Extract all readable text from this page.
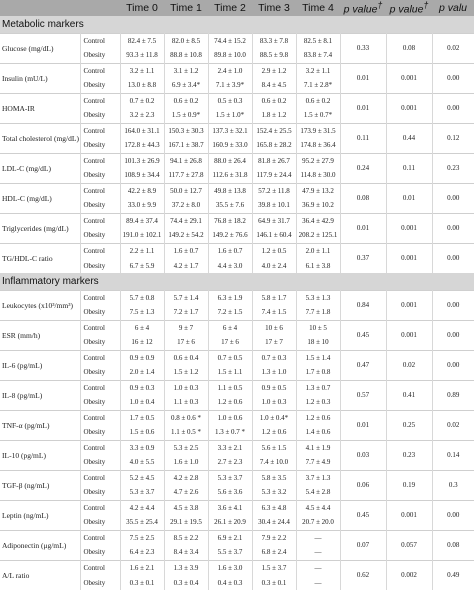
		Time 0	Time 1	Time 2	Time 3	Time 4	p value†	p value†	p valu
Metabolic markers									
Glucose (mg/dL)	Control	82.4 ± 7.5	82.0 ± 8.5	74.4 ± 15.2	83.3 ± 7.8	82.5 ± 8.1	0.33	0.08	0.02
	Obesity	93.3 ± 11.8	88.8 ± 10.8	89.8 ± 10.0	88.5 ± 9.8	83.8 ± 7.4			
Insulin (mU/L)	Control	3.2 ± 1.1	3.1 ± 1.2	2.4 ± 1.0	2.9 ± 1.2	3.2 ± 1.1	0.01	0.001	0.00
	Obesity	13.0 ± 8.8	6.9 ± 3.4*	7.1 ± 3.9*	8.4 ± 4.5	7.1 ± 2.8*			
HOMA-IR	Control	0.7 ± 0.2	0.6 ± 0.2	0.5 ± 0.3	0.6 ± 0.2	0.6 ± 0.2	0.01	0.001	0.00
	Obesity	3.2 ± 2.3	1.5 ± 0.9*	1.5 ± 1.0*	1.8 ± 1.2	1.5 ± 0.7*			
Total cholesterol (mg/dL)	Control	164.0 ± 31.1	150.3 ± 30.3	137.3 ± 32.1	152.4 ± 25.5	173.9 ± 31.5	0.11	0.44	0.12
	Obesity	172.8 ± 44.3	167.1 ± 38.7	160.9 ± 33.0	165.8 ± 28.2	174.8 ± 36.4			
LDL-C (mg/dL)	Control	101.3 ± 26.9	94.1 ± 26.8	88.0 ± 26.4	81.8 ± 26.7	95.2 ± 27.9	0.24	0.11	0.23
	Obesity	108.9 ± 34.4	117.7 ± 27.8	112.6 ± 31.8	117.9 ± 24.4	114.8 ± 30.0			
HDL-C (mg/dL)	Control	42.2 ± 8.9	50.0 ± 12.7	49.8 ± 13.8	57.2 ± 11.8	47.9 ± 13.2	0.08	0.01	0.00
	Obesity	33.0 ± 9.9	37.2 ± 8.0	35.5 ± 7.6	39.8 ± 10.1	36.9 ± 10.2			
Triglycerides (mg/dL)	Control	89.4 ± 37.4	74.4 ± 29.1	76.8 ± 18.2	64.9 ± 31.7	36.4 ± 42.9	0.01	0.001	0.00
	Obesity	191.0 ± 102.1	149.2 ± 54.2	149.2 ± 76.6	146.1 ± 60.4	208.2 ± 125.1			
TG/HDL-C ratio	Control	2.2 ± 1.1	1.6 ± 0.7	1.6 ± 0.7	1.2 ± 0.5	2.0 ± 1.1	0.37	0.001	0.00
	Obesity	6.7 ± 5.9	4.2 ± 1.7	4.4 ± 3.0	4.0 ± 2.4	6.1 ± 3.8			
Inflammatory markers									
Leukocytes (x10³/mm³)	Control	5.7 ± 0.8	5.7 ± 1.4	6.3 ± 1.9	5.8 ± 1.7	5.3 ± 1.3	0.84	0.001	0.00
	Obesity	7.5 ± 1.3	7.2 ± 1.7	7.2 ± 1.5	7.4 ± 1.5	7.7 ± 1.8			
ESR (mm/h)	Control	6 ± 4	9 ± 7	6 ± 4	10 ± 6	10 ± 5	0.45	0.001	0.00
	Obesity	16 ± 12	17 ± 6	17 ± 6	17 ± 7	18 ± 10			
IL-6 (pg/mL)	Control	0.9 ± 0.9	0.6 ± 0.4	0.7 ± 0.5	0.7 ± 0.3	1.5 ± 1.4	0.47	0.02	0.00
	Obesity	2.0 ± 1.4	1.5 ± 1.2	1.5 ± 1.1	1.3 ± 1.0	1.7 ± 0.8			
IL-8 (pg/mL)	Control	0.9 ± 0.3	1.0 ± 0.3	1.1 ± 0.5	0.9 ± 0.5	1.3 ± 0.7	0.57	0.41	0.89
	Obesity	1.0 ± 0.4	1.1 ± 0.3	1.2 ± 0.6	1.0 ± 0.3	1.2 ± 0.3			
TNF-α (pg/mL)	Control	1.7 ± 0.5	0.8 ± 0.6 *	1.0 ± 0.6	1.0 ± 0.4*	1.2 ± 0.6	0.01	0.25	0.02
	Obesity	1.5 ± 0.6	1.1 ± 0.5 *	1.3 ± 0.7 *	1.2 ± 0.6	1.4 ± 0.6			
IL-10 (pg/mL)	Control	3.3 ± 0.9	5.3 ± 2.5	3.3 ± 2.1	5.6 ± 1.5	4.1 ± 1.9	0.03	0.23	0.14
	Obesity	4.0 ± 5.5	1.6 ± 1.0	2.7 ± 2.3	7.4 ± 10.0	7.7 ± 4.9			
TGF-β (ng/mL)	Control	5.2 ± 4.5	4.2 ± 2.8	5.3 ± 3.7	5.8 ± 3.5	3.7 ± 1.3	0.06	0.19	0.3
	Obesity	5.3 ± 3.7	4.7 ± 2.6	5.6 ± 3.6	5.3 ± 3.2	5.4 ± 2.8			
Leptin (ng/mL)	Control	4.2 ± 4.4	4.5 ± 3.8	3.6 ± 4.1	6.3 ± 4.8	4.5 ± 4.4	0.45	0.001	0.00
	Obesity	35.5 ± 25.4	29.1 ± 19.5	26.1 ± 20.9	30.4 ± 24.4	20.7 ± 20.0			
Adiponectin (μg/mL)	Control	7.5 ± 2.5	8.5 ± 2.2	6.9 ± 2.1	7.9 ± 2.2	—	0.07	0.057	0.08
	Obesity	6.4 ± 2.3	8.4 ± 3.4	5.5 ± 3.7	6.8 ± 2.4	—			
A/L ratio	Control	1.6 ± 2.1	1.3 ± 3.9	1.6 ± 3.0	1.5 ± 3.7	—	0.62	0.002	0.49
	Obesity	0.3 ± 0.1	0.3 ± 0.4	0.4 ± 0.3	0.3 ± 0.1	—			
